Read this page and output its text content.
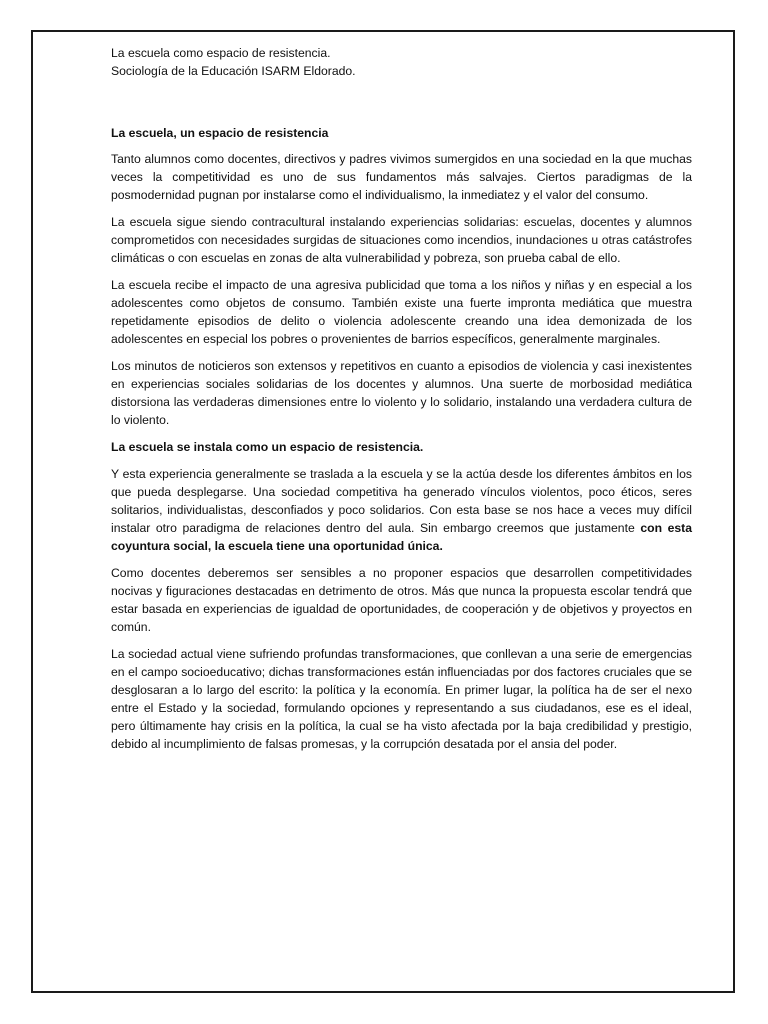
La escuela como espacio de resistencia.

Sociología de la Educación ISARM Eldorado.

La escuela, un espacio de resistencia

Tanto alumnos como docentes, directivos y padres vivimos sumergidos en una sociedad en la que muchas veces la competitividad es uno de sus fundamentos más salvajes. Ciertos paradigmas de la posmodernidad pugnan por instalarse como el individualismo, la inmediatez y el valor del consumo.

La escuela sigue siendo contracultural instalando experiencias solidarias: escuelas, docentes y alumnos comprometidos con necesidades surgidas de situaciones como incendios, inundaciones u otras catástrofes climáticas o con escuelas en zonas de alta vulnerabilidad y pobreza, son prueba cabal de ello.

La escuela recibe el impacto de una agresiva publicidad que toma a los niños y niñas y en especial a los adolescentes como objetos de consumo. También existe una fuerte impronta mediática que muestra repetidamente episodios de delito o violencia adolescente creando una idea demonizada de los adolescentes en especial los pobres o provenientes de barrios específicos, generalmente marginales.

Los minutos de noticieros son extensos y repetitivos en cuanto a episodios de violencia y casi inexistentes en experiencias sociales solidarias de los docentes y alumnos. Una suerte de morbosidad mediática distorsiona las verdaderas dimensiones entre lo violento y lo solidario, instalando una verdadera cultura de lo violento.

La escuela se instala como un espacio de resistencia.

Y esta experiencia generalmente se traslada a la escuela y se la actúa desde los diferentes ámbitos en los que pueda desplegarse. Una sociedad competitiva ha generado vínculos violentos, poco éticos, seres solitarios, individualistas, desconfiados y poco solidarios. Con esta base se nos hace a veces muy difícil instalar otro paradigma de relaciones dentro del aula. Sin embargo creemos que justamente con esta coyuntura social, la escuela tiene una oportunidad única.

Como docentes deberemos ser sensibles a no proponer espacios que desarrollen competitividades nocivas y figuraciones destacadas en detrimento de otros. Más que nunca la propuesta escolar tendrá que estar basada en experiencias de igualdad de oportunidades, de cooperación y de objetivos y proyectos en común.

La sociedad actual viene sufriendo profundas transformaciones, que conllevan a una serie de emergencias en el campo socioeducativo; dichas transformaciones están influenciadas por dos factores cruciales que se desglosaran a lo largo del escrito: la política y la economía. En primer lugar, la política ha de ser el nexo entre el Estado y la sociedad, formulando opciones y representando a sus ciudadanos, ese es el ideal, pero últimamente hay crisis en la política, la cual se ha visto afectada por la baja credibilidad y prestigio, debido al incumplimiento de falsas promesas, y la corrupción desatada por el ansia del poder.
